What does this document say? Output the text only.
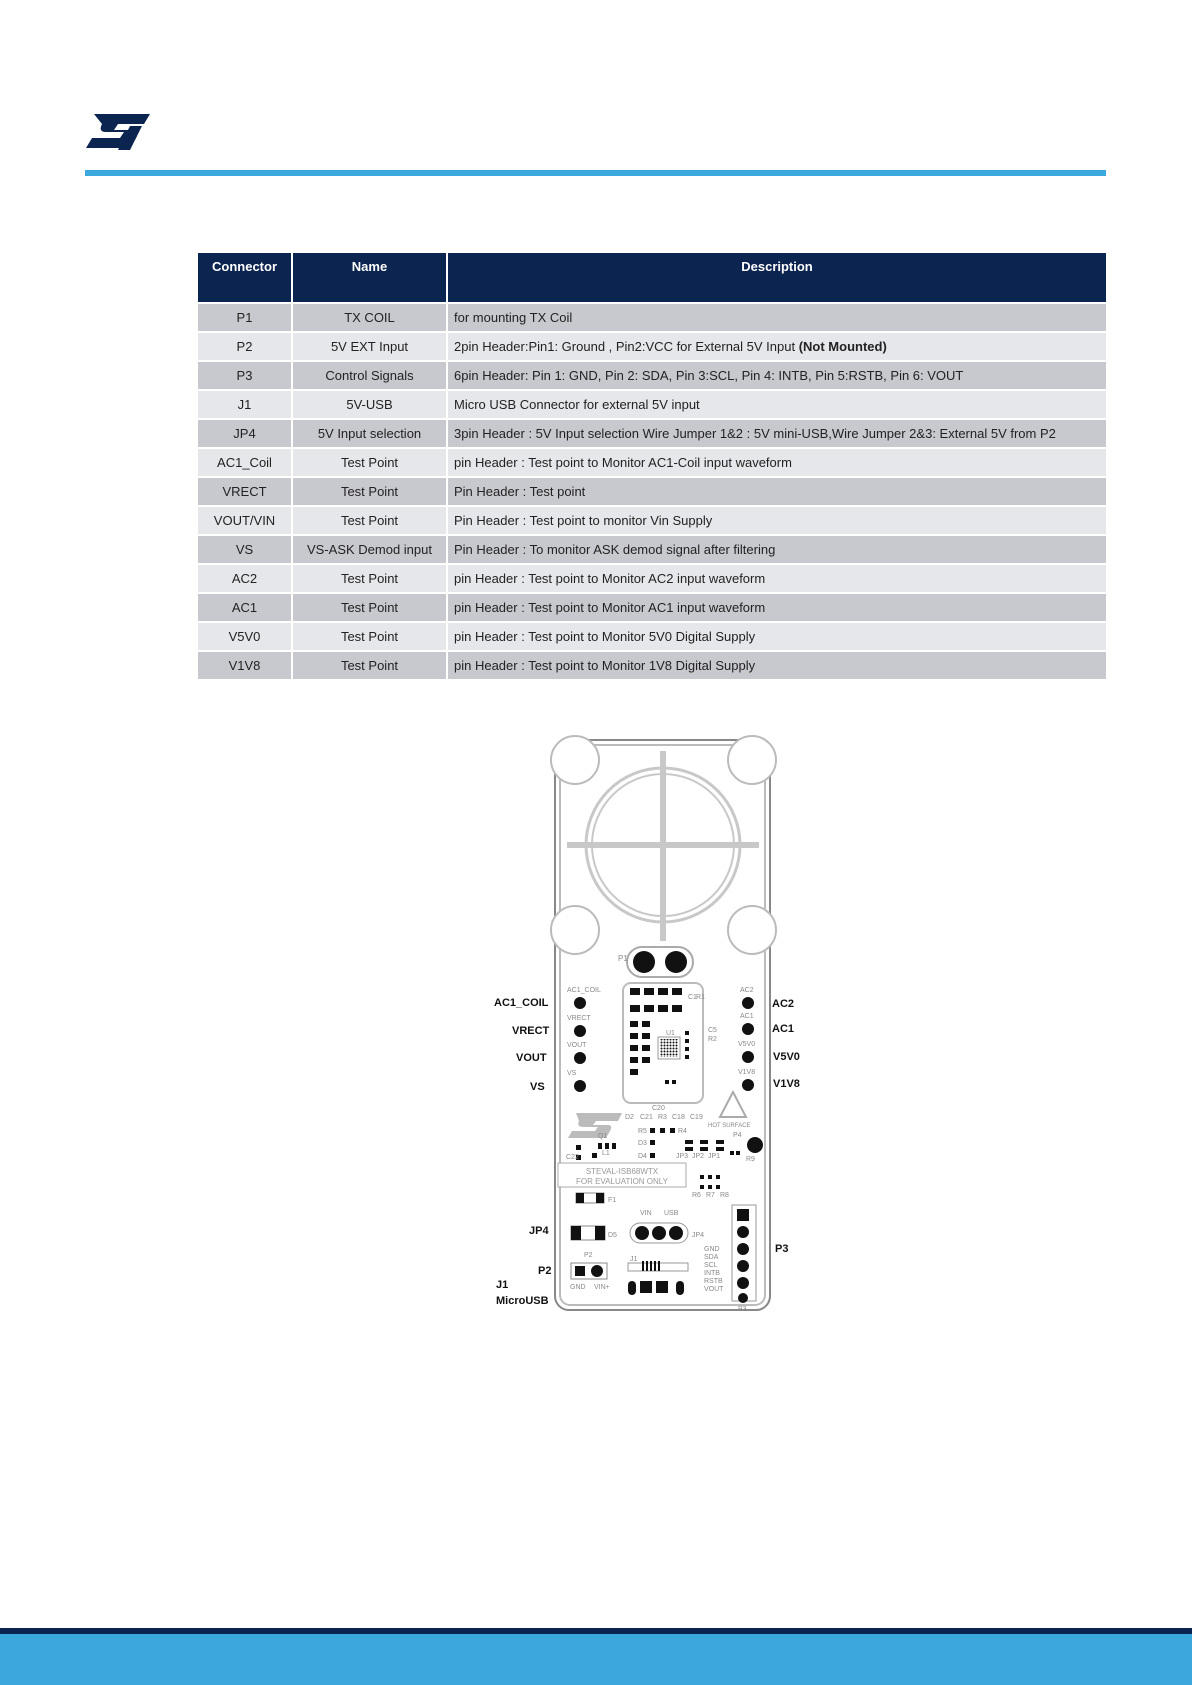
ST
Connector	Name	Description
P1	TX COIL	for mounting TX Coil
P2	5V EXT Input	2pin Header:Pin1: Ground , Pin2:VCC for External 5V Input (Not Mounted)
P3	Control Signals	6pin Header: Pin 1: GND, Pin 2: SDA, Pin 3:SCL, Pin 4: INTB, Pin 5:RSTB, Pin 6: VOUT
J1	5V-USB	Micro USB Connector for external 5V input
JP4	5V Input selection	3pin Header : 5V Input selection Wire Jumper 1&2 : 5V mini-USB,Wire Jumper 2&3: External 5V from P2
AC1_Coil	Test Point	pin Header : Test point to Monitor AC1-Coil input waveform
VRECT	Test Point	Pin Header : Test point
VOUT/VIN	Test Point	Pin Header : Test point to monitor Vin Supply
VS	VS-ASK Demod input	Pin Header : To monitor ASK demod signal after filtering
AC2	Test Point	pin Header : Test point to Monitor AC2 input waveform
AC1	Test Point	pin Header : Test point to Monitor AC1 input waveform
V5V0	Test Point	pin Header : Test point to Monitor 5V0 Digital Supply
V1V8	Test Point	pin Header : Test point to Monitor 1V8 Digital Supply
P1
U1
C1 R1
C5
R2
AC1_COIL
VRECT
VOUT
VS
AC2
AC1
V5V0
V1V8
HOT SURFACE
C20
D2 C21 R3 C18 C19
P4
R9
R5	R4
Q1
D3
D4	JP3 JP2 JP1
L1
C22
STEVAL-ISB68WTX
FOR EVALUATION ONLY
R6 R7 R8
F1
D5
VIN USB
JP4
P2
GND VIN+
J1
P3
GND
SDA
SCL
INTB
RSTB
VOUT
AC1_COIL
VRECT
VOUT
VS
JP4
P2
J1
MicroUSB
AC2
AC1
V5V0
V1V8
P3
